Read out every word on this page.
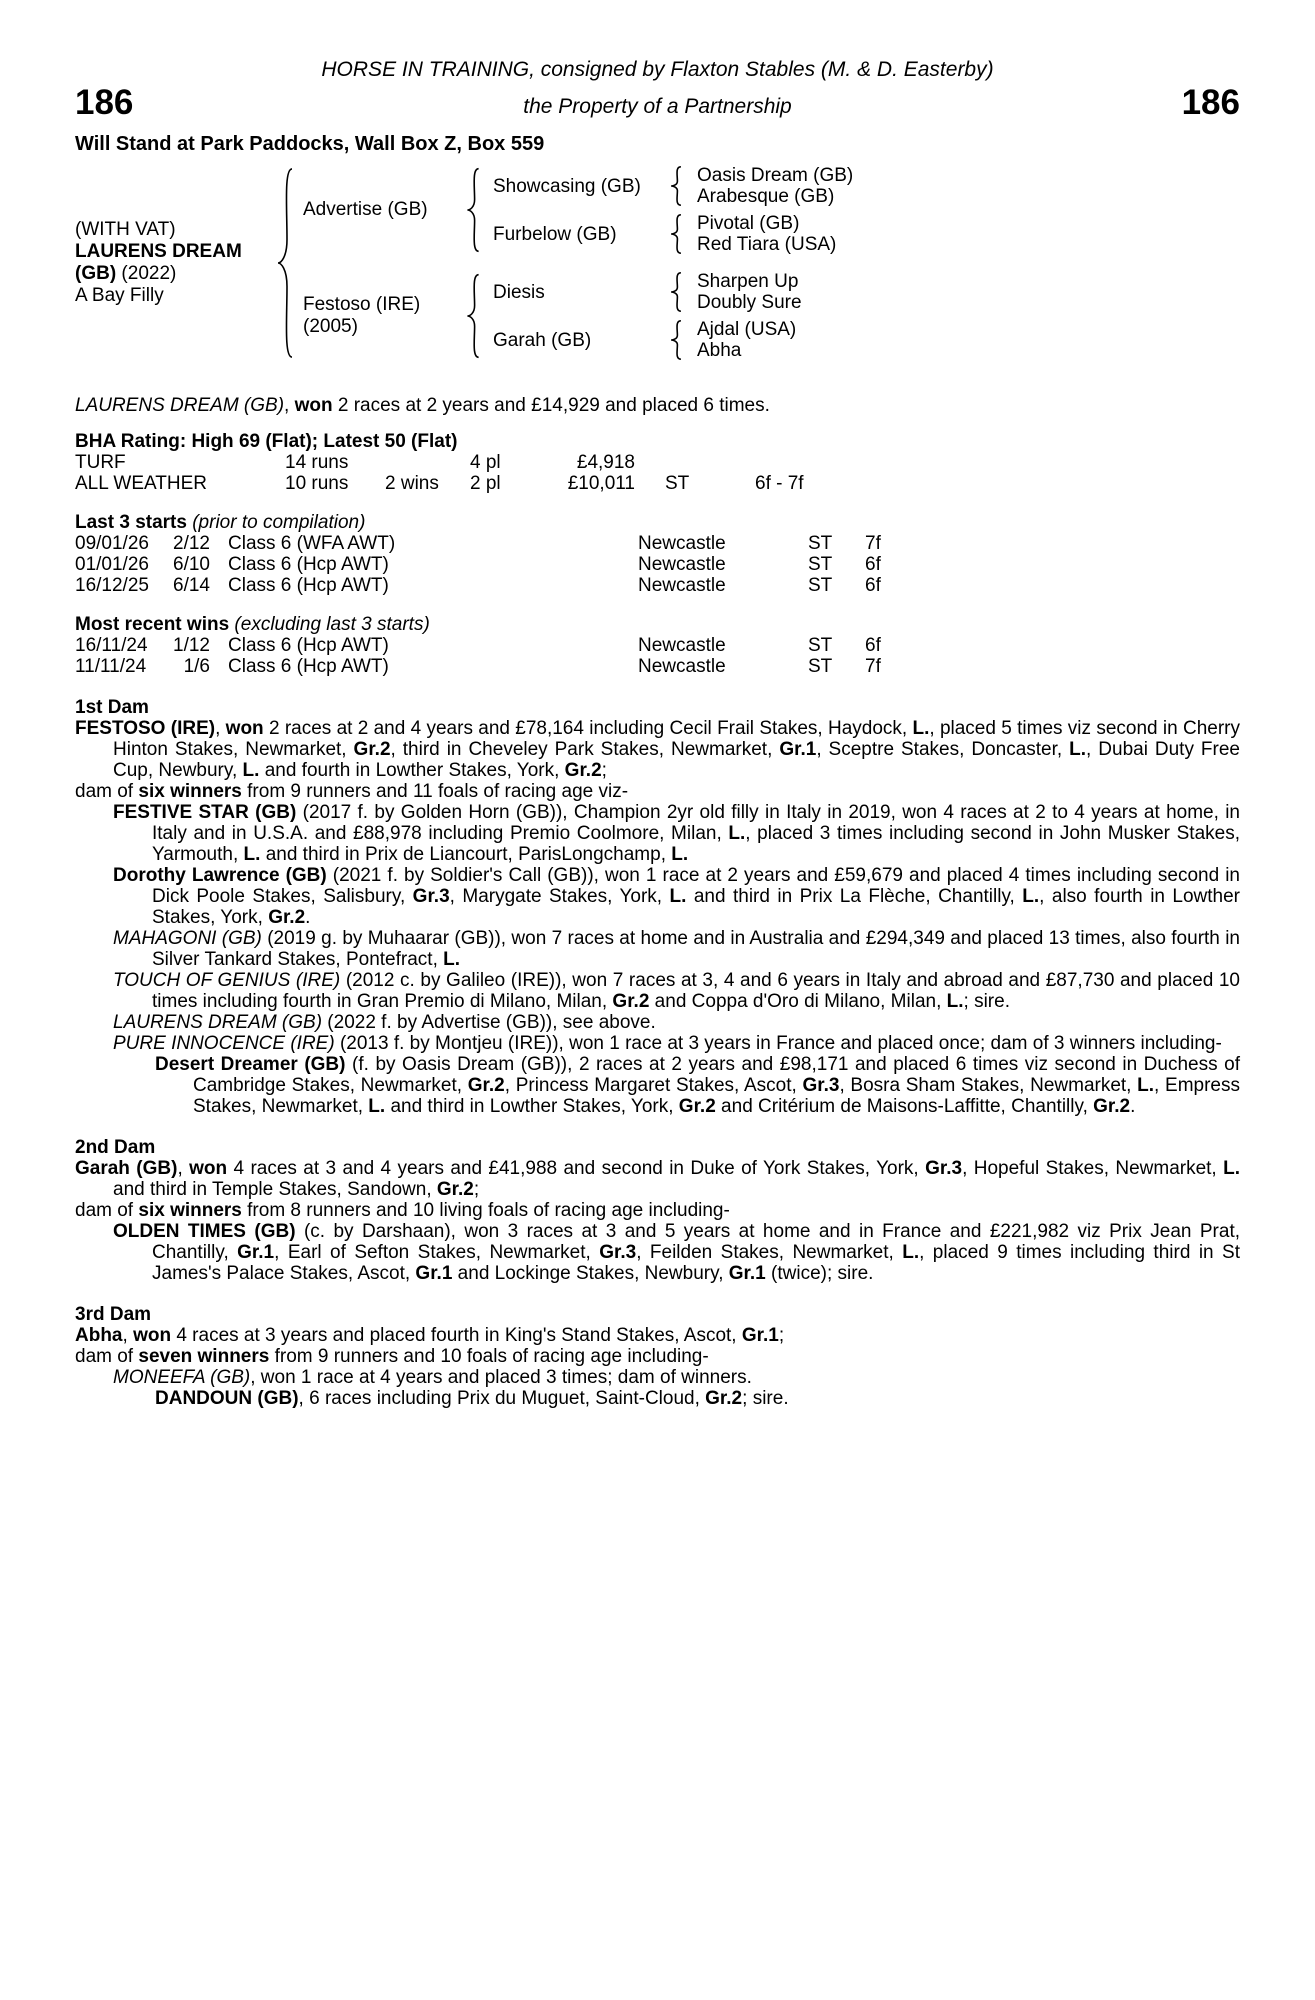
HORSE IN TRAINING, consigned by Flaxton Stables (M. & D. Easterby)
186	the Property of a Partnership	186
Will Stand at Park Paddocks, Wall Box Z, Box 559
(WITH VAT)
LAURENS DREAM
(GB) (2022)
A Bay Filly
Advertise (GB)
Showcasing (GB)	Oasis Dream (GB)
Arabesque (GB)
Furbelow (GB)	Pivotal (GB)
Red Tiara (USA)
Festoso (IRE)
(2005)
Diesis	Sharpen Up
Doubly Sure
Garah (GB)	Ajdal (USA)
Abha
LAURENS DREAM (GB), won 2 races at 2 years and £14,929 and placed 6 times.
BHA Rating: High 69 (Flat); Latest 50 (Flat)
TURF	14 runs	4 pl	£4,918
ALL WEATHER	10 runs	2 wins	2 pl	£10,011	ST	6f - 7f
Last 3 starts (prior to compilation)
09/01/26	2/12 Class 6 (WFA AWT)	Newcastle	ST	7f
01/01/26	6/10 Class 6 (Hcp AWT)	Newcastle	ST	6f
16/12/25	6/14 Class 6 (Hcp AWT)	Newcastle	ST	6f
Most recent wins (excluding last 3 starts)
16/11/24	1/12 Class 6 (Hcp AWT)	Newcastle	ST	6f
11/11/24	1/6 Class 6 (Hcp AWT)	Newcastle	ST	7f
1st Dam

FESTOSO (IRE), won 2 races at 2 and 4 years and £78,164 including Cecil Frail Stakes, Haydock, L., placed 5 times viz second in Cherry Hinton Stakes, Newmarket, Gr.2, third in Cheveley Park Stakes, Newmarket, Gr.1, Sceptre Stakes, Doncaster, L., Dubai Duty Free Cup, Newbury, L. and fourth in Lowther Stakes, York, Gr.2;

dam of six winners from 9 runners and 11 foals of racing age viz-

FESTIVE STAR (GB) (2017 f. by Golden Horn (GB)), Champion 2yr old filly in Italy in 2019, won 4 races at 2 to 4 years at home, in Italy and in U.S.A. and £88,978 including Premio Coolmore, Milan, L., placed 3 times including second in John Musker Stakes, Yarmouth, L. and third in Prix de Liancourt, ParisLongchamp, L.

Dorothy Lawrence (GB) (2021 f. by Soldier's Call (GB)), won 1 race at 2 years and £59,679 and placed 4 times including second in Dick Poole Stakes, Salisbury, Gr.3, Marygate Stakes, York, L. and third in Prix La Flèche, Chantilly, L., also fourth in Lowther Stakes, York, Gr.2.

MAHAGONI (GB) (2019 g. by Muhaarar (GB)), won 7 races at home and in Australia and £294,349 and placed 13 times, also fourth in Silver Tankard Stakes, Pontefract, L.

TOUCH OF GENIUS (IRE) (2012 c. by Galileo (IRE)), won 7 races at 3, 4 and 6 years in Italy and abroad and £87,730 and placed 10 times including fourth in Gran Premio di Milano, Milan, Gr.2 and Coppa d'Oro di Milano, Milan, L.; sire.

LAURENS DREAM (GB) (2022 f. by Advertise (GB)), see above.

PURE INNOCENCE (IRE) (2013 f. by Montjeu (IRE)), won 1 race at 3 years in France and placed once; dam of 3 winners including-

Desert Dreamer (GB) (f. by Oasis Dream (GB)), 2 races at 2 years and £98,171 and placed 6 times viz second in Duchess of Cambridge Stakes, Newmarket, Gr.2, Princess Margaret Stakes, Ascot, Gr.3, Bosra Sham Stakes, Newmarket, L., Empress Stakes, Newmarket, L. and third in Lowther Stakes, York, Gr.2 and Critérium de Maisons-Laffitte, Chantilly, Gr.2.

2nd Dam

Garah (GB), won 4 races at 3 and 4 years and £41,988 and second in Duke of York Stakes, York, Gr.3, Hopeful Stakes, Newmarket, L. and third in Temple Stakes, Sandown, Gr.2;

dam of six winners from 8 runners and 10 living foals of racing age including-

OLDEN TIMES (GB) (c. by Darshaan), won 3 races at 3 and 5 years at home and in France and £221,982 viz Prix Jean Prat, Chantilly, Gr.1, Earl of Sefton Stakes, Newmarket, Gr.3, Feilden Stakes, Newmarket, L., placed 9 times including third in St James's Palace Stakes, Ascot, Gr.1 and Lockinge Stakes, Newbury, Gr.1 (twice); sire.

3rd Dam

Abha, won 4 races at 3 years and placed fourth in King's Stand Stakes, Ascot, Gr.1;

dam of seven winners from 9 runners and 10 foals of racing age including-

MONEEFA (GB), won 1 race at 4 years and placed 3 times; dam of winners.

DANDOUN (GB), 6 races including Prix du Muguet, Saint-Cloud, Gr.2; sire.
